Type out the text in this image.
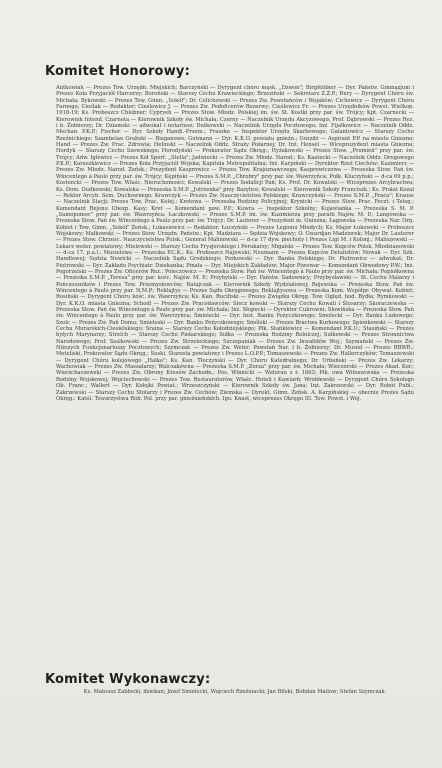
Komitet Honorowy:

Antkowiak — Prezes Tow. Urzędn. Miejskich; Barczyński — Dyrygent chóru męsk. „Dzwon"; Birgfeldner — Dyr. Państw. Gimnazjum i Prezes Koła Przyjaciół Harcerzy; Boroński — Starszy Cechu Krawieckiego; Brzeziński — Sekretarz Z.Z.P.; Bury — Dyrygent Chóru św. Michała; Bykowski — Prezes Tow. Gimn. „Sokół"; Dr. Celichowski — Prezes Zw. Powstańców i Wojaków; Cichowicz — Dyrygent Chóru Farnego; Cieślak — Redaktor; Cieślewicz J. — Prezes Zw. Podoficerów Rezerwy; Cieślewicz Fr. — Prezes Urzędników Powst. Wielkop. 1918-19; Ks. Proboszcz Chlobner; Cypryeh — Prezes Stow. Młodz. Polskiej im. św. St. Kostki przy par. św. Trójcy; Kpt. Czarnecki — Kierownik Intend. Czarnota — Kierownik Szkoły św. Michała; Czerny — Naczelnik Urzędu Akcyzowego; Prof. Dąbrowski — Prezes Rez. i b. Żołnierzy; Dr. Dziamski — adwokat i notariusz; Dutkowski — Naczelnik Urzędu Pocztowego; Inż. Fijałkowicz — Naczelnik Oddz. Mechan. P.K.P.; Fischer — Dyr. Szkoły Handl.-Przem.; Fraszke — Inspektor Urzędu Skarbowego; Galantowicz — Starszy Cechu Rzeźnickiego; Szambelan Grabski — Bieganowo; Gutmann — Dyr. K.K.O. powiatu gnieźn.; Gwizdż — Aspirant P.P. na miasto Gniezno; Hand — Prezes Zw. Prac. Zdrowia; Helinski — Naczelnik Oddz. Straży Pożarnej; Dr. Inż. Hensel — Wiceprezydent miasta Gniezna; Hordyk — Starszy Cechu Szewskiego; Horodyński — Prokurator Sądu Okręg.; Hyżakowski — Prezes Stow. „Promień" przy par. św. Trójcy; Adw. Iglewicz — Prezes Kół Sport. „Stella"; Jadwiecki — Prezes Zw. Młodz. Narod.; Ks. Kaatecki — Naczelnik Oddz. Drogowego P.K.P.; Karaszkiewicz — Prezes Koła Przyjaciół Wojska; Kapituła Metropolitalna; Inż. Karpiński — Dyrektor Rzeź Ciechów; Kazimierz — Prezes Zw. Młodz. Narod. Żeńsk.; Prezydent Kasprowicz — Prezes Tow. Krajoznawczego; Kasprowiczowa — Prezeska Stow. Pań św. Wincentego à Paulo przy par. św. Trójcy; Kępiński — Prezes S.M.P. „Chrobry" przy par. św. Wawrzyńca; Pułk. Kluczyński — d-ca 69 p.p.; Kostencki — Prezes Tow. Właśc. Nieruchomości; Kowalski — Prezes Sodalicji Pań; Ks. Prof. Dr. Kowalski — Wiceprezes Arcybractwa; Ks. Dom. Dudkowski; Kowalska — Prezeska S.M.P. „Jutrzenka" przy Bazylice; Kowalski — Kierownik Szkoły Franciszk.; Ks. Prałat Kozal — Rektor Arcyb. Sem. Duchownego; Krawczyk — Prezes Zw. Nauczycielstwa Polskiego; Krawczyński — Prezes S.M.P. „Praca"; Krause — Naczelnik Stacji; Prezes Tow. Prac. Kolej.; Kretowa — Prezeska Rodziny Policyjnej; Krynicki — Prezes Stow. Prac. Poczt. i Teleg.; Komendant Rejonu Ubezp. Kasy; Kret — Komendant pow. P.P.; Kuwra — Inspektor Szkolny; Kujawianka — Prezeska S. M. P. „Samopomoc" przy par. św. Wawrzyńca; Łaczkowski — Prezes S.M.P. im. św. Kazimierza przy parafii Najśw. M. P.; Langowska — Prezeska Stow. Pań św. Wincentego à Paulo przy par. św. Trójcy; Dr. Lauterer — Prezydent m. Gniezna; Łagowska — Prezeska Nar. Org. Kobiet i Tow. Gimn. „Sokół" Żeńsk.; Łukasiewicz — Redaktor; Łuczyński — Prezes Legionu Młodych; Ks. Major Łukowski — Proboszcz Wojskowy; Małkowski — Prezes Stow. Urzędn. Państw.; Kpt. Madziara — Sędzia Wojskowy; O. Gwardjan Madziorek; Major Dr. Lauterer — Prezes Stow. Chrześc. Nauczycielstwa Polsk.; Generał Malinowski — d-ca 17 dyw. piechoty i Prezes Ligi M. i Kolonj.; Maliszewski — Lekarz weter. powiatowy; Mielewski — Starszy Cechu Fryzjerskiego i Perukarzy; Migalski — Prezes Tow. Kupców Polsk. Młodzianowski — d-ca 17. p.a.l.; Musielowa — Prezeska P.C.K.; Ks. Proboszcz Najewski; Neumann — Prezes Kupców Detalistów; Nowak — Dyr. Szk. Handlowej; Sędzia Nowicki — Naczelnik Sądu Grodzkiego; Perkowski — Dyr. Banku Polskiego; Dr. Piotrowicz — adwokat; Dr. Piotrowski — Dyr. Zakładu Psychiatr. Dziekanka; Pinała — Dyr. Miejskich Zakładów; Major Piwowar — Komendant Obwodowy P.W.; Inż. Pogorzelski — Prezes Zw. Oficerów Rez.; Poleczowicz — Prezeska Stow. Pań św. Wincentego à Paulo przy par. św. Michała; Popiołkowna — Prezeska S.M.P. „Teresa" przy par. kośc. Najśw. M. P.; Przybylski — Dyr. Państw. Sadownicy; Przybysławski — St. Cechu Malarzy i Pończoszników i Prezes Tow. Przemysłowców; Ratajczak — Kierownik Szkoły Wydziałowej; Rejewska — Prezeska Stow. Pań św. Wincentego à Paulo przy par. N.M.P.; Reklajtys — Prezes Sądu Okręgowego; Reklajtysowa — Prezeska Kom. Współpr. Obywat. Kobiet; Rosiński — Dyrygent Chóru kośc. św. Wawrzyńca; Ks. Kan. Rucifiski — Prezes Związku Okręg. Tow. Oględ. hod. Bydła; Rymkowski — Dyr. K.K.O. miasta Gniezna; Schodl — Prezes Zw. Pracodawców; Siecz kowski — Starszy Cechu Kowali i Ślusarzy; Skoraczewska — Prezeska Stow. Pań św. Wincentego à Paulo przy par. św. Michała; Inż. Słupecki — Dyrektor Cukrowni; Słowińska — Prezeska Stow. Pań św. Wincentego à Paulo przy par. św. Wawrzyńca; Śmielecki — Dyr. Inst. Banku Pożyczkowego; Smolecki — Dyr. Banku Ludowego; Szolc — Prezes Zw. Pań Domu; Smieleski — Dyr. Banku Pożyczkowego; Smólski — Prezes Bractwa Kurkowego; Spionkowski — Starszy Cechu Murarskich-Ciesielskiego; Sraina — Starszy Cechu Kołodziejskiego; Płk. Stankiewicz — Komendant P.K.U.; Stasiński — Prezes byłych Marynarzy; Strelch — Starszy Cechu Piekarskiego; Sułka — Prezeska Rodziny Rolniczej; Sułkowski — Prezes Stronnictwa Narodowego; Prof. Szalkowski — Prezes Zw. Strzeleckiego; Szczepaniak — Prezes Zw. Inwalidów Woj.; Szymański — Prezes Zw. Niższych Funkcjonariuszy Pocztowych; Szymczak — Prezes Zw. Weter. Powstań Nar. i b. Żołnierzy; Dr. Musiel — Prezes BBWR.; Meteliski, Prokurator Sądu Okręg.; Suski, Starosta powiatowy i Prezes L.O.P.P.; Tomaszewski — Prezes Zw. Hallerczyków; Tomaszewski — Dyrygent Chóru kolejowego „Halka"; Ks. Kan. Tłoczyński — Dyr. Chóru Katedralnego; Dr. Urbański — Prezes Zw. Lekarzy; Wachowiak — Prezes Zw. Maszalarzy; Walczakówna — Prezeska S.M.P. „Zorza" przy par. św. Michała; Wieczorski — Prezes Akad. Kor.; Wierzchaczewski — Prezes Zw. Obrony Kresów Zachodn.; Pos. Winnicki — Weteran z r. 1863; Plk. owa Witoszewska — Prezeska Rodziny Wojskowej; Wojciechowski — Prezes Tow. Restauratorów, Właśc. Hoteli i Kawiarń; Wrobłewski — Dyrygent Chóru Sokolego Ob. Franc.; Wallert — Dyr. Kolejki Powiat.; Wrzeszczyński — Kierownik Szkoły św. Jana; Inż. Zakrzewski — Dyr. Robót Publ.; Zakrzewski — Starszy Cechu Stolarzy i Prezes Zw. Cechów; Ziemska — Dyrekt. Gimn. Żeńsk. A. Karpińskiej — obecnie Prezes Sądu Okręg.; Katol. Towarzystwa Rob. Pol. przy par. gnieźnieńskich. Igo. Knast, wiceprezes Okręgu III. Tow. Powst. i Woj.

Komitet Wykonawczy:

Ks. Mateusz Zabłocki, dziekan; Józef Śmielecki, Wojciech Rzeźniacki; Jan Bilski, Bohdan Mailow; Stefan Szymczak.
